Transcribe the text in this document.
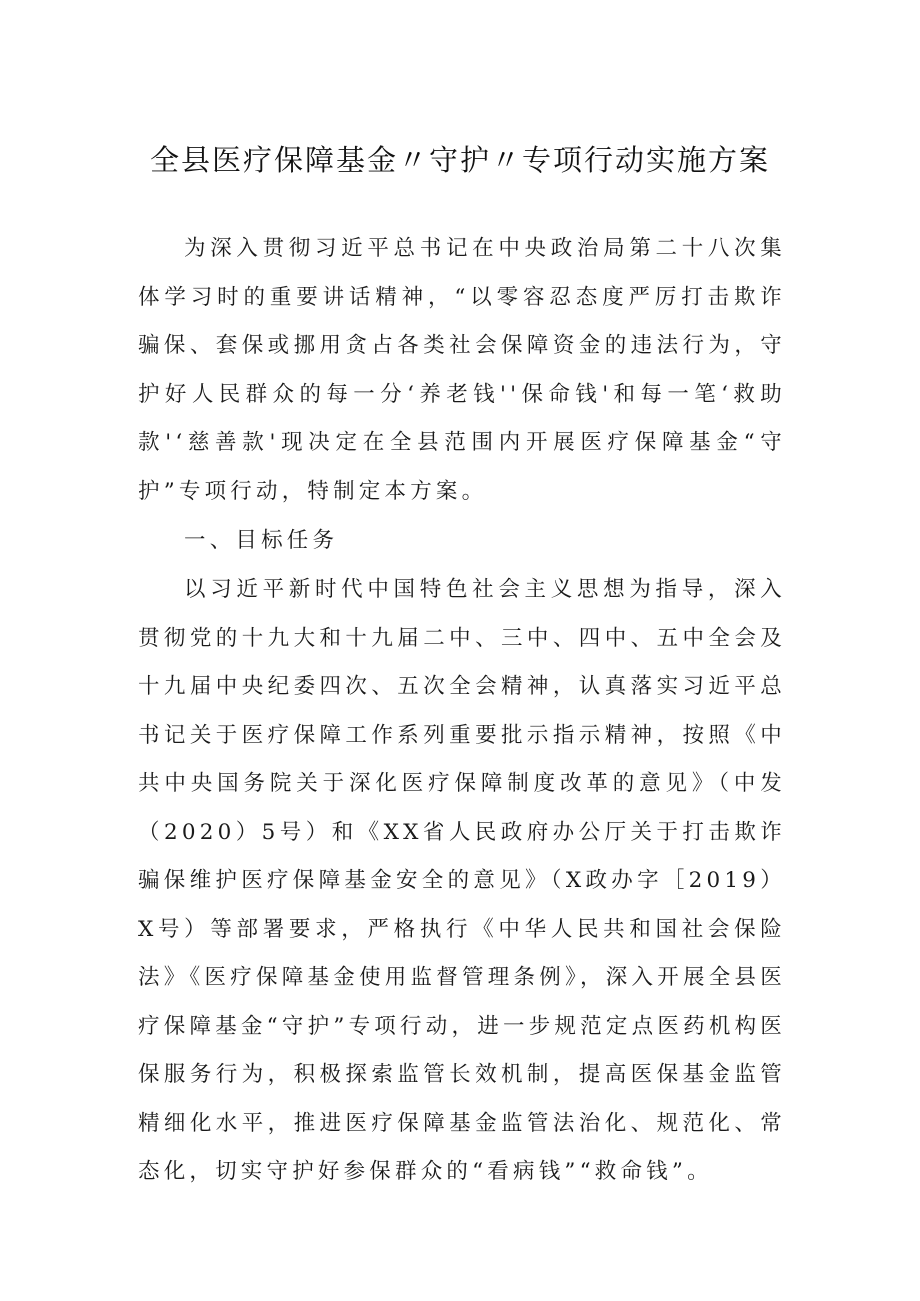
全县医疗保障基金〃守护〃专项行动实施方案

为深入贯彻习近平总书记在中央政治局第二十八次集体学习时的重要讲话精神，“以零容忍态度严厉打击欺诈骗保、套保或挪用贪占各类社会保障资金的违法行为，守护好人民群众的每一分‘养老钱''保命钱'和每一笔‘救助款'‘慈善款'现决定在全县范围内开展医疗保障基金“守护”专项行动，特制定本方案。

一、目标任务

以习近平新时代中国特色社会主义思想为指导，深入贯彻党的十九大和十九届二中、三中、四中、五中全会及十九届中央纪委四次、五次全会精神，认真落实习近平总书记关于医疗保障工作系列重要批示指示精神，按照《中共中央国务院关于深化医疗保障制度改革的意见》（中发（2020）5号）和《XX省人民政府办公厅关于打击欺诈骗保维护医疗保障基金安全的意见》（X政办字［2019）X号）等部署要求，严格执行《中华人民共和国社会保险法》《医疗保障基金使用监督管理条例》，深入开展全县医疗保障基金“守护”专项行动，进一步规范定点医药机构医保服务行为，积极探索监管长效机制，提高医保基金监管精细化水平，推进医疗保障基金监管法治化、规范化、常态化，切实守护好参保群众的“看病钱”“救命钱”。
